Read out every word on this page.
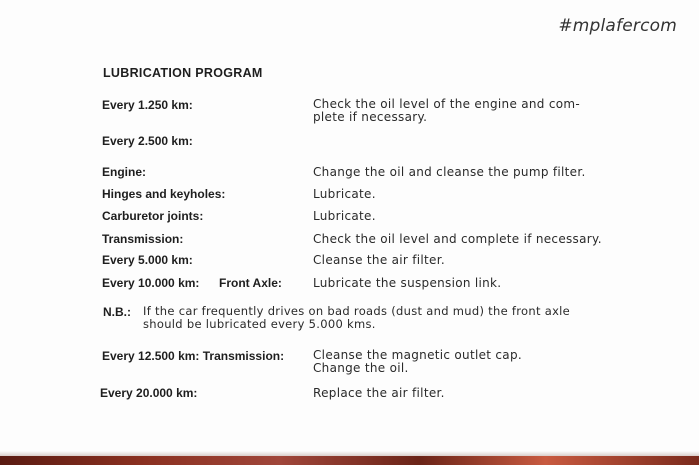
#mplafercom
LUBRICATION PROGRAM
Every 1.250 km:	Check the oil level of the engine and com-
plete if necessary.
Every 2.500 km:
Engine:	Change the oil and cleanse the pump filter.
Hinges and keyholes:	Lubricate.
Carburetor joints:	Lubricate.
Transmission:	Check the oil level and complete if necessary.
Every 5.000 km:	Cleanse the air filter.
Every 10.000 km: Front Axle:	Lubricate the suspension link.
N.B.: If the car frequently drives on bad roads (dust and mud) the front axle
should be lubricated every 5.000 kms.
Every 12.500 km: Transmission: Cleanse the magnetic outlet cap.
Change the oil.
Every 20.000 km:	Replace the air filter.
